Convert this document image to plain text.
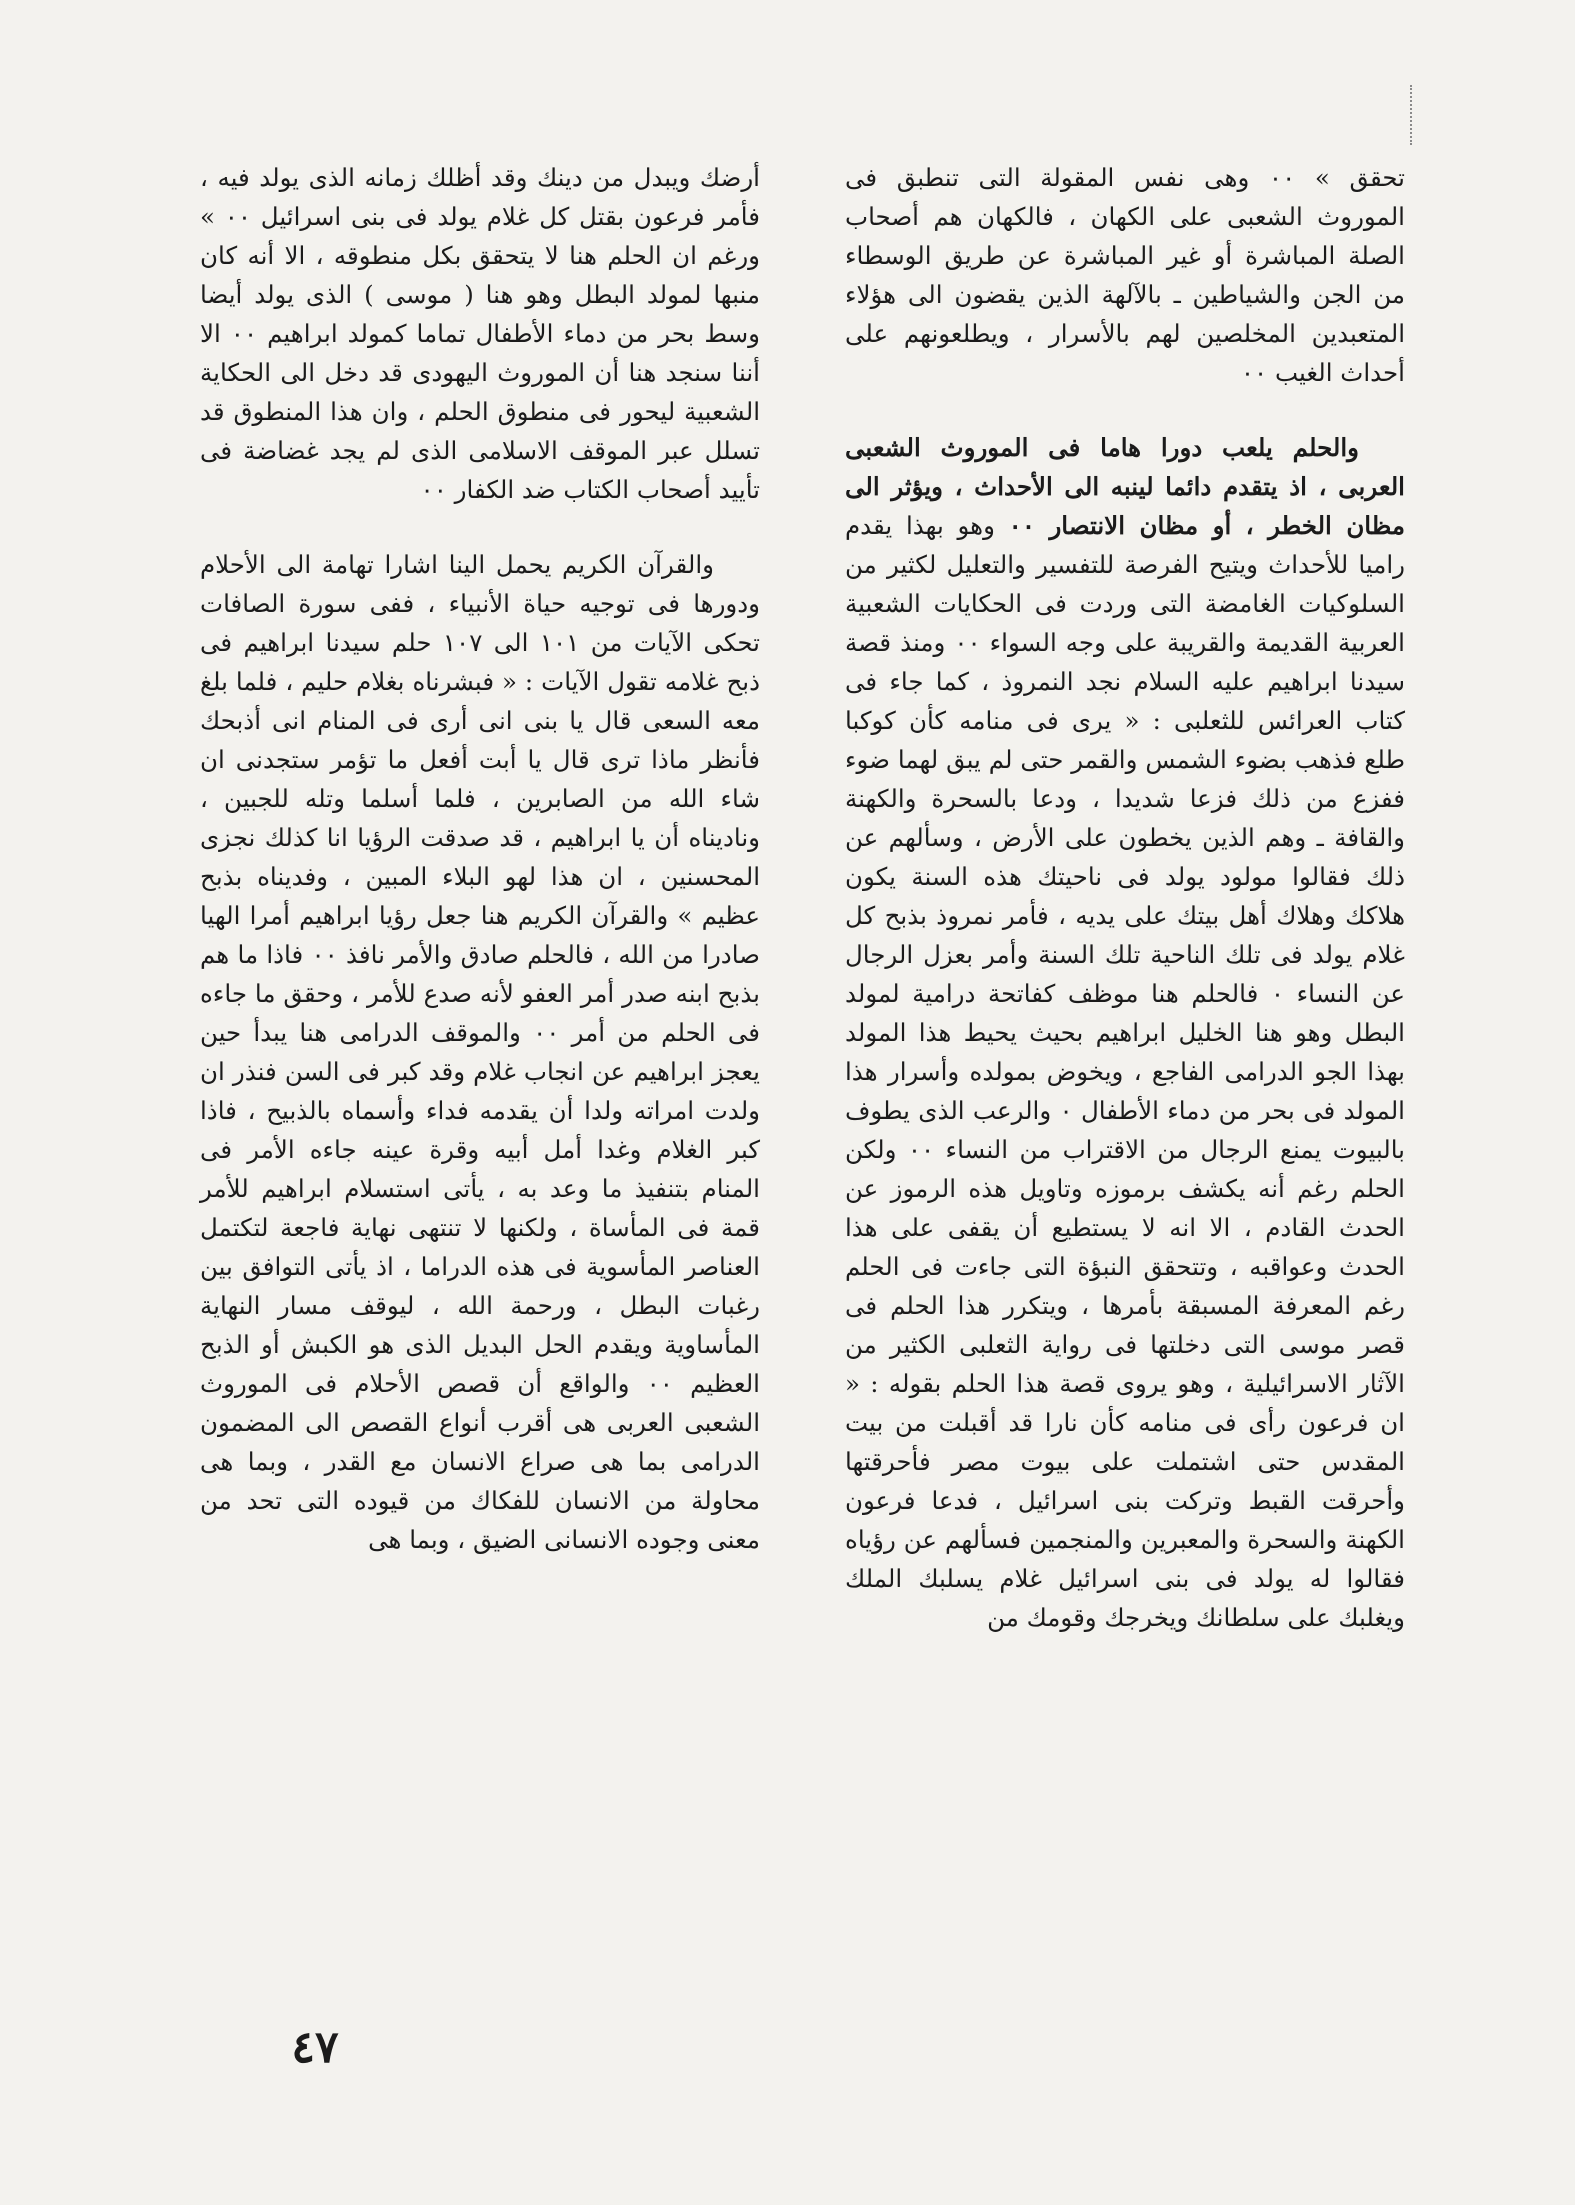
تحقق » ٠٠ وهى نفس المقولة التى تنطبق فى الموروث الشعبى على الكهان ، فالكهان هم أصحاب الصلة المباشرة أو غير المباشرة عن طريق الوسطاء من الجن والشياطين ـ بالآلهة الذين يقضون الى هؤلاء المتعبدين المخلصين لهم بالأسرار ، ويطلعونهم على أحداث الغيب ٠٠

والحلم يلعب دورا هاما فى الموروث الشعبى العربى ، اذ يتقدم دائما لينبه الى الأحداث ، ويؤثر الى مظان الخطر ، أو مظان الانتصار ٠٠ وهو بهذا يقدم راميا للأحداث ويتيح الفرصة للتفسير والتعليل لكثير من السلوكيات الغامضة التى وردت فى الحكايات الشعبية العربية القديمة والقريبة على وجه السواء ٠٠ ومنذ قصة سيدنا ابراهيم عليه السلام نجد النمروذ ، كما جاء فى كتاب العرائس للثعلبى : « يرى فى منامه كأن كوكبا طلع فذهب بضوء الشمس والقمر حتى لم يبق لهما ضوء ففزع من ذلك فزعا شديدا ، ودعا بالسحرة والكهنة والقافة ـ وهم الذين يخطون على الأرض ، وسألهم عن ذلك فقالوا مولود يولد فى ناحيتك هذه السنة يكون هلاكك وهلاك أهل بيتك على يديه ، فأمر نمروذ بذبح كل غلام يولد فى تلك الناحية تلك السنة وأمر بعزل الرجال عن النساء ٠ فالحلم هنا موظف كفاتحة درامية لمولد البطل وهو هنا الخليل ابراهيم بحيث يحيط هذا المولد بهذا الجو الدرامى الفاجع ، ويخوض بمولده وأسرار هذا المولد فى بحر من دماء الأطفال ٠ والرعب الذى يطوف بالبيوت يمنع الرجال من الاقتراب من النساء ٠٠ ولكن الحلم رغم أنه يكشف برموزه وتاويل هذه الرموز عن الحدث القادم ، الا انه لا يستطيع أن يقفى على هذا الحدث وعواقبه ، وتتحقق النبؤة التى جاءت فى الحلم رغم المعرفة المسبقة بأمرها ، ويتكرر هذا الحلم فى قصر موسى التى دخلتها فى رواية الثعلبى الكثير من الآثار الاسرائيلية ، وهو يروى قصة هذا الحلم بقوله : « ان فرعون رأى فى منامه كأن نارا قد أقبلت من بيت المقدس حتى اشتملت على بيوت مصر فأحرقتها وأحرقت القبط وتركت بنى اسرائيل ، فدعا فرعون الكهنة والسحرة والمعبرين والمنجمين فسألهم عن رؤياه فقالوا له يولد فى بنى اسرائيل غلام يسلبك الملك ويغلبك على سلطانك ويخرجك وقومك من

أرضك ويبدل من دينك وقد أظلك زمانه الذى يولد فيه ، فأمر فرعون بقتل كل غلام يولد فى بنى اسرائيل ٠٠ » ورغم ان الحلم هنا لا يتحقق بكل منطوقه ، الا أنه كان منبها لمولد البطل وهو هنا ( موسى ) الذى يولد أيضا وسط بحر من دماء الأطفال تماما كمولد ابراهيم ٠٠ الا أننا سنجد هنا أن الموروث اليهودى قد دخل الى الحكاية الشعبية ليحور فى منطوق الحلم ، وان هذا المنطوق قد تسلل عبر الموقف الاسلامى الذى لم يجد غضاضة فى تأييد أصحاب الكتاب ضد الكفار ٠٠

والقرآن الكريم يحمل الينا اشارا تهامة الى الأحلام ودورها فى توجيه حياة الأنبياء ، ففى سورة الصافات تحكى الآيات من ١٠١ الى ١٠٧ حلم سيدنا ابراهيم فى ذبح غلامه تقول الآيات : « فبشرناه بغلام حليم ، فلما بلغ معه السعى قال يا بنى انى أرى فى المنام انى أذبحك فأنظر ماذا ترى قال يا أبت أفعل ما تؤمر ستجدنى ان شاء الله من الصابرين ، فلما أسلما وتله للجبين ، وناديناه أن يا ابراهيم ، قد صدقت الرؤيا انا كذلك نجزى المحسنين ، ان هذا لهو البلاء المبين ، وفديناه بذبح عظيم » والقرآن الكريم هنا جعل رؤيا ابراهيم أمرا الهيا صادرا من الله ، فالحلم صادق والأمر نافذ ٠٠ فاذا ما هم بذبح ابنه صدر أمر العفو لأنه صدع للأمر ، وحقق ما جاءه فى الحلم من أمر ٠٠ والموقف الدرامى هنا يبدأ حين يعجز ابراهيم عن انجاب غلام وقد كبر فى السن فنذر ان ولدت امراته ولدا أن يقدمه فداء وأسماه بالذبيح ، فاذا كبر الغلام وغدا أمل أبيه وقرة عينه جاءه الأمر فى المنام بتنفيذ ما وعد به ، يأتى استسلام ابراهيم للأمر قمة فى المأساة ، ولكنها لا تنتهى نهاية فاجعة لتكتمل العناصر المأسوية فى هذه الدراما ، اذ يأتى التوافق بين رغبات البطل ، ورحمة الله ، ليوقف مسار النهاية المأساوية ويقدم الحل البديل الذى هو الكبش أو الذبح العظيم ٠٠ والواقع أن قصص الأحلام فى الموروث الشعبى العربى هى أقرب أنواع القصص الى المضمون الدرامى بما هى صراع الانسان مع القدر ، وبما هى محاولة من الانسان للفكاك من قيوده التى تحد من معنى وجوده الانسانى الضيق ، وبما هى

٤٧
